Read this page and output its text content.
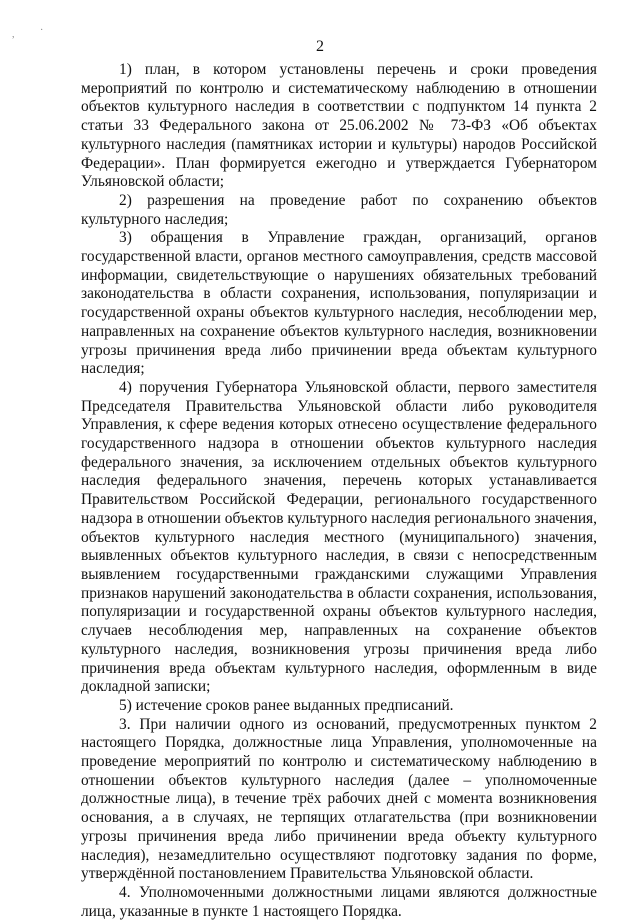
2

1) план, в котором установлены перечень и сроки проведения мероприятий по контролю и систематическому наблюдению в отношении объектов культурного наследия в соответствии с подпунктом 14 пункта 2 статьи 33 Федерального закона от 25.06.2002 № 73-ФЗ «Об объектах культурного наследия (памятниках истории и культуры) народов Российской Федерации». План формируется ежегодно и утверждается Губернатором Ульяновской области;

2) разрешения на проведение работ по сохранению объектов культурного наследия;

3) обращения в Управление граждан, организаций, органов государственной власти, органов местного самоуправления, средств массовой информации, свидетельствующие о нарушениях обязательных требований законодательства в области сохранения, использования, популяризации и государственной охраны объектов культурного наследия, несоблюдении мер, направленных на сохранение объектов культурного наследия, возникновении угрозы причинения вреда либо причинении вреда объектам культурного наследия;

4) поручения Губернатора Ульяновской области, первого заместителя Председателя Правительства Ульяновской области либо руководителя Управления, к сфере ведения которых отнесено осуществление федерального государственного надзора в отношении объектов культурного наследия федерального значения, за исключением отдельных объектов культурного наследия федерального значения, перечень которых устанавливается Правительством Российской Федерации, регионального государственного надзора в отношении объектов культурного наследия регионального значения, объектов культурного наследия местного (муниципального) значения, выявленных объектов культурного наследия, в связи с непосредственным выявлением государственными гражданскими служащими Управления признаков нарушений законодательства в области сохранения, использования, популяризации и государственной охраны объектов культурного наследия, случаев несоблюдения мер, направленных на сохранение объектов культурного наследия, возникновения угрозы причинения вреда либо причинения вреда объектам культурного наследия, оформленным в виде докладной записки;

5) истечение сроков ранее выданных предписаний.

3. При наличии одного из оснований, предусмотренных пунктом 2 настоящего Порядка, должностные лица Управления, уполномоченные на проведение мероприятий по контролю и систематическому наблюдению в отношении объектов культурного наследия (далее – уполномоченные должностные лица), в течение трёх рабочих дней с момента возникновения основания, а в случаях, не терпящих отлагательства (при возникновении угрозы причинения вреда либо причинении вреда объекту культурного наследия), незамедлительно осуществляют подготовку задания по форме, утверждённой постановлением Правительства Ульяновской области.

4. Уполномоченными должностными лицами являются должностные лица, указанные в пункте 1 настоящего Порядка.

,	·
